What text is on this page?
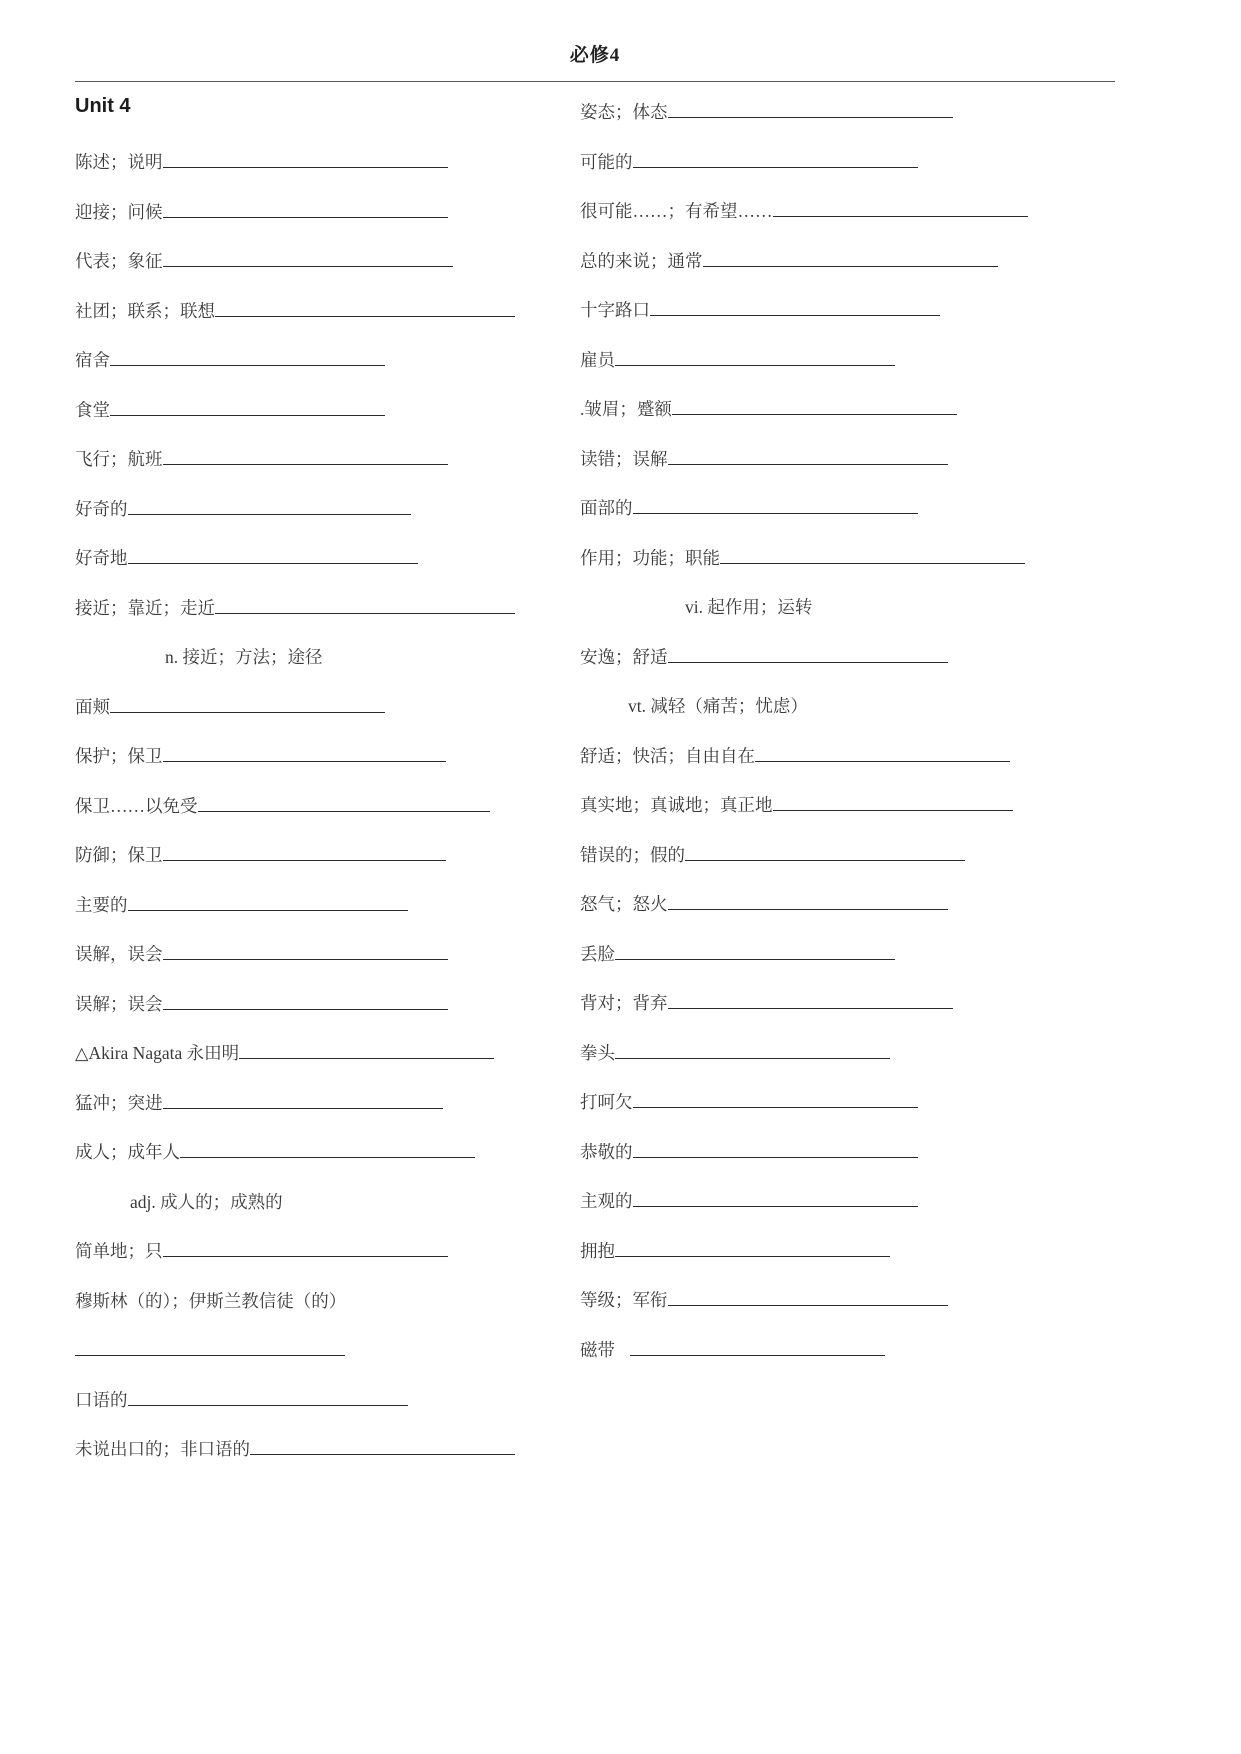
必修4
Unit 4
陈述；说明
迎接；问候
代表；象征
社团；联系；联想
宿舍
食堂
飞行；航班
好奇的
好奇地
接近；靠近；走近
n. 接近；方法；途径
面颊
保护；保卫
保卫……以免受
防御；保卫
主要的
误解，误会
误解；误会
△Akira Nagata 永田明
猛冲；突进
成人；成年人
adj. 成人的；成熟的
简单地；只
穆斯林（的）；伊斯兰教信徒（的）
口语的
未说出口的；非口语的
姿态；体态
可能的
很可能……；有希望……
总的来说；通常
十字路口
雇员
.皱眉；蹙额
读错；误解
面部的
作用；功能；职能
vi. 起作用；运转
安逸；舒适
vt. 减轻（痛苦；忧虑）
舒适；快活；自由自在
真实地；真诚地；真正地
错误的；假的
怒气；怒火
丢脸
背对；背弃
拳头
打呵欠
恭敬的
主观的
拥抱
等级；军衔
磁带
